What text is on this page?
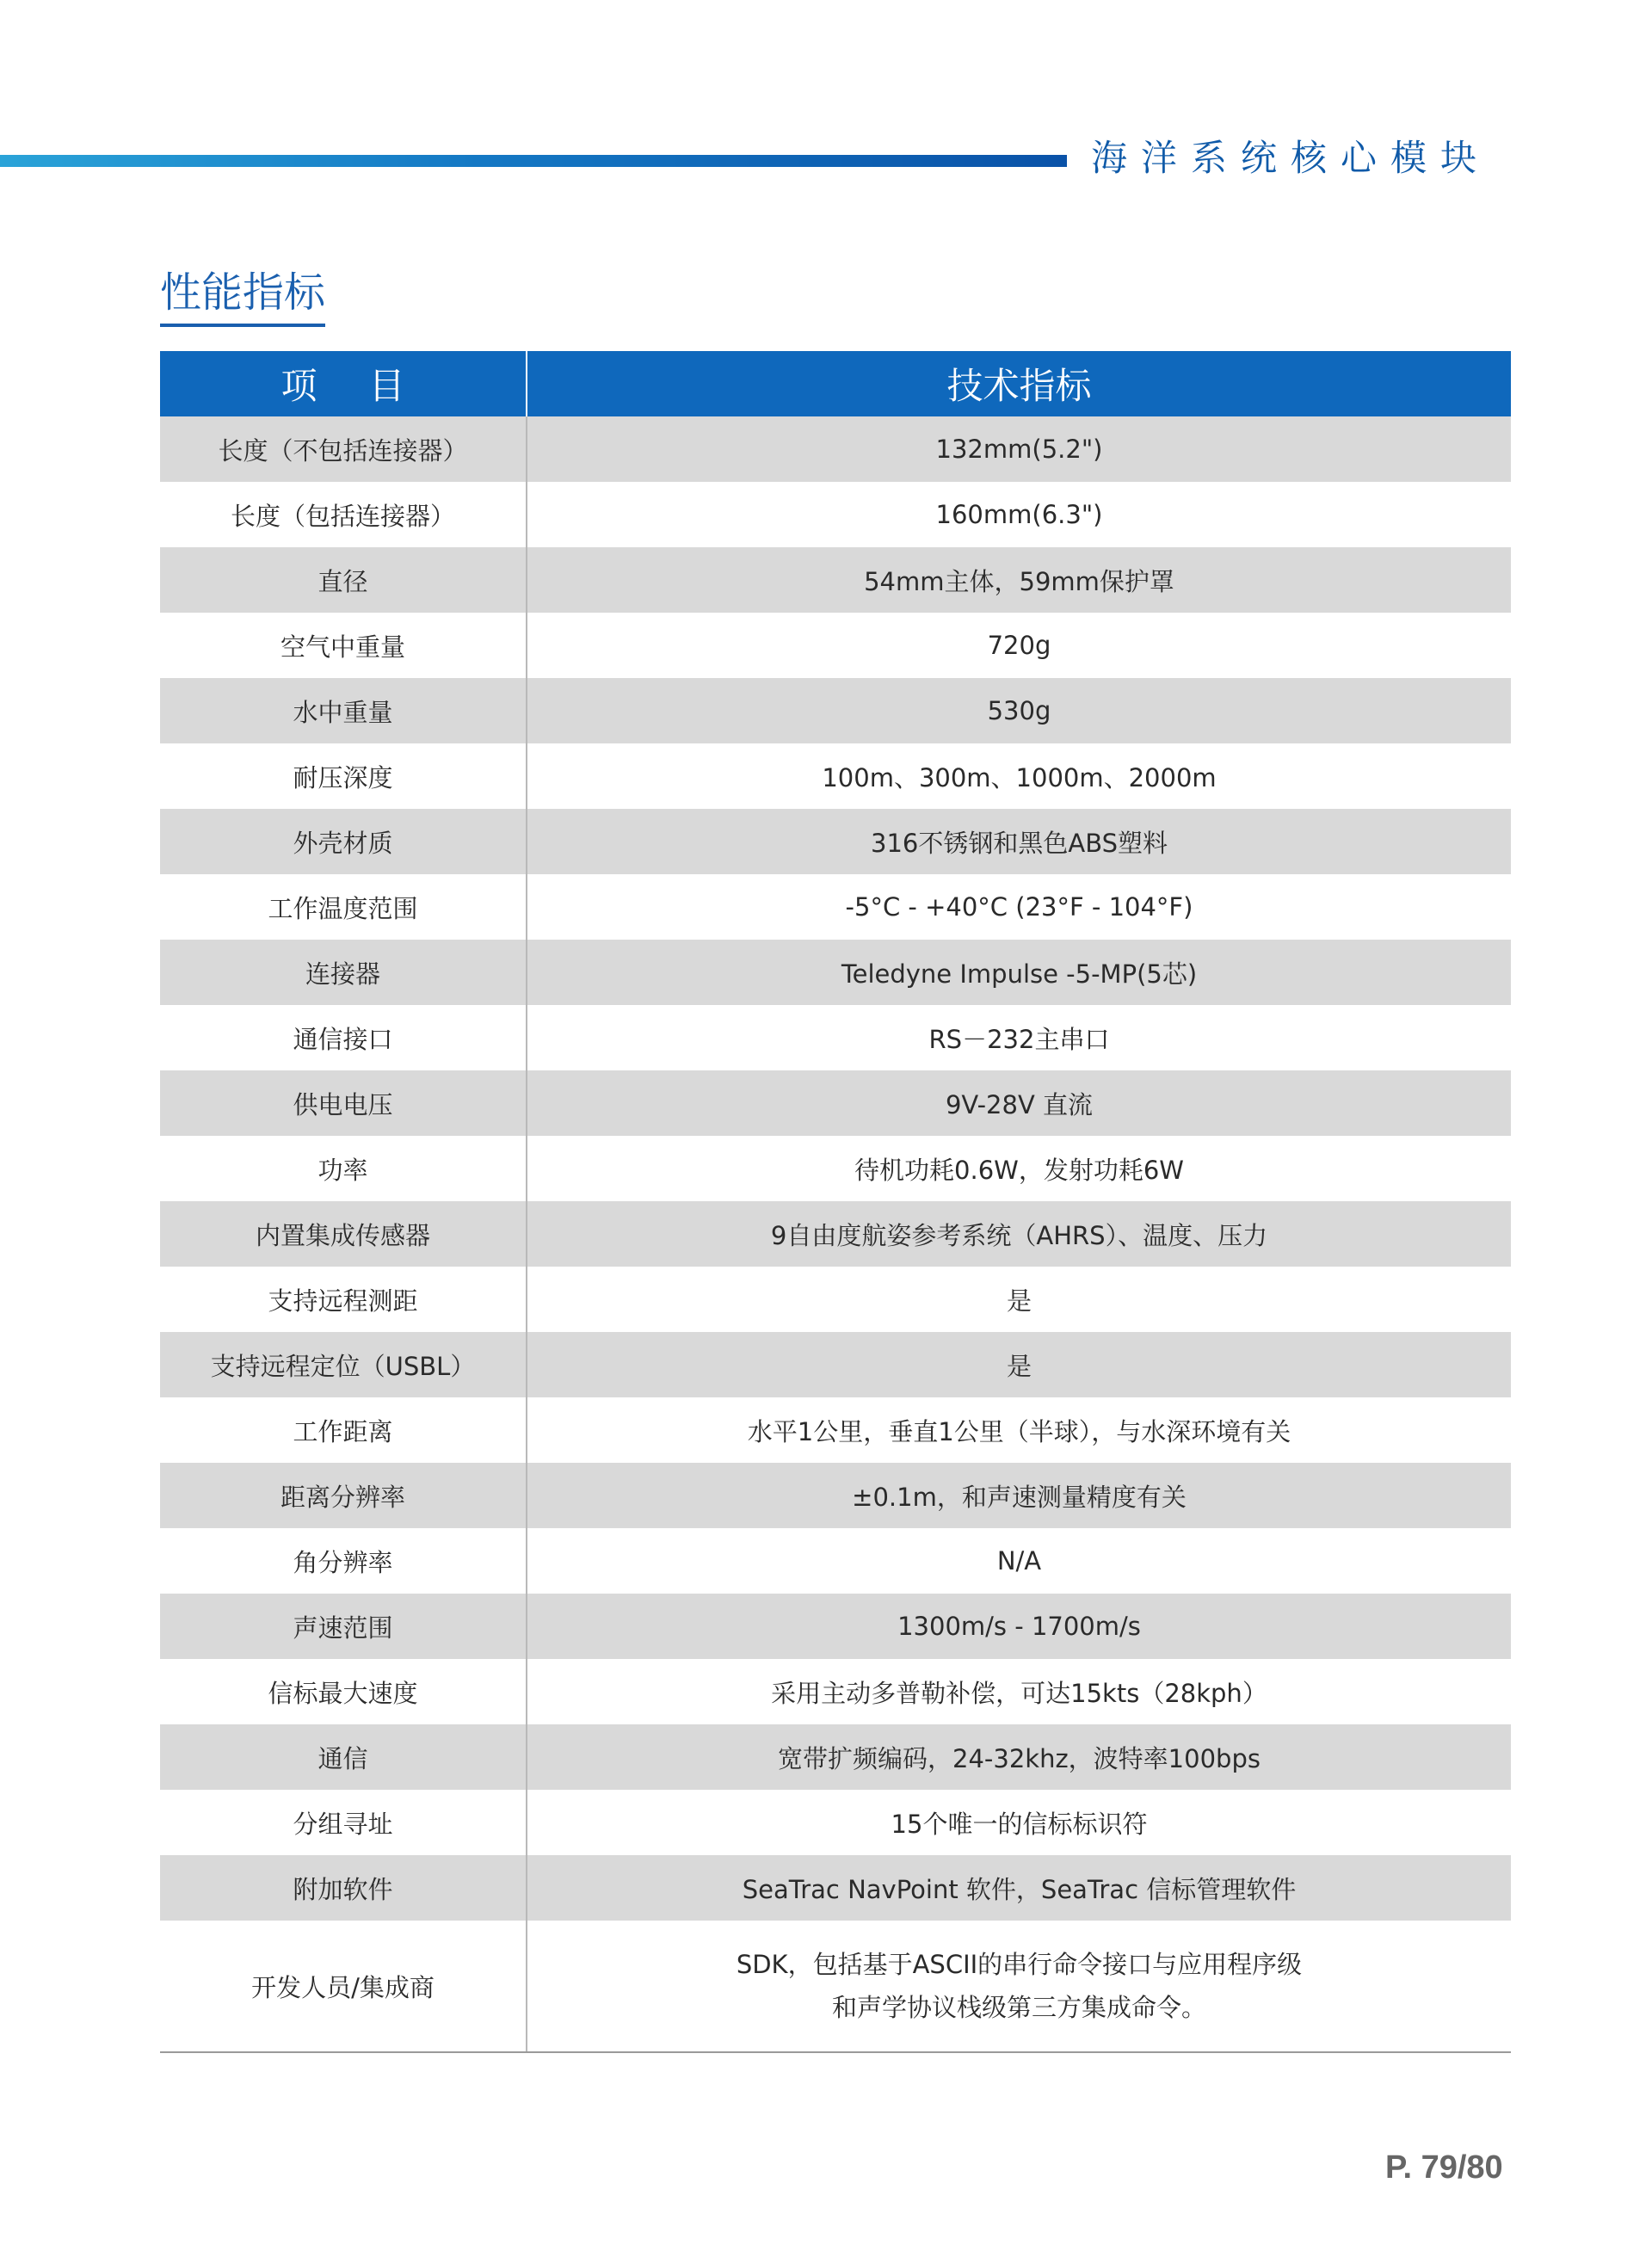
海洋系统核心模块
性能指标
项目	技术指标
长度（不包括连接器）	132mm(5.2")
长度（包括连接器）	160mm(6.3")
直径	54mm主体，59mm保护罩
空气中重量	720g
水中重量	530g
耐压深度	100m、300m、1000m、2000m
外壳材质	316不锈钢和黑色ABS塑料
工作温度范围	-5°C - +40°C (23°F - 104°F)
连接器	Teledyne Impulse -5-MP(5芯)
通信接口	RS－232主串口
供电电压	9V-28V 直流
功率	待机功耗0.6W，发射功耗6W
内置集成传感器	9自由度航姿参考系统（AHRS）、温度、压力
支持远程测距	是
支持远程定位（USBL）	是
工作距离	水平1公里，垂直1公里（半球），与水深环境有关
距离分辨率	±0.1m，和声速测量精度有关
角分辨率	N/A
声速范围	1300m/s - 1700m/s
信标最大速度	采用主动多普勒补偿，可达15kts（28kph）
通信	宽带扩频编码，24-32khz，波特率100bps
分组寻址	15个唯一的信标标识符
附加软件	SeaTrac NavPoint 软件，SeaTrac 信标管理软件
开发人员/集成商	SDK，包括基于ASCII的串行命令接口与应用程序级
和声学协议栈级第三方集成命令。
P. 79/80
